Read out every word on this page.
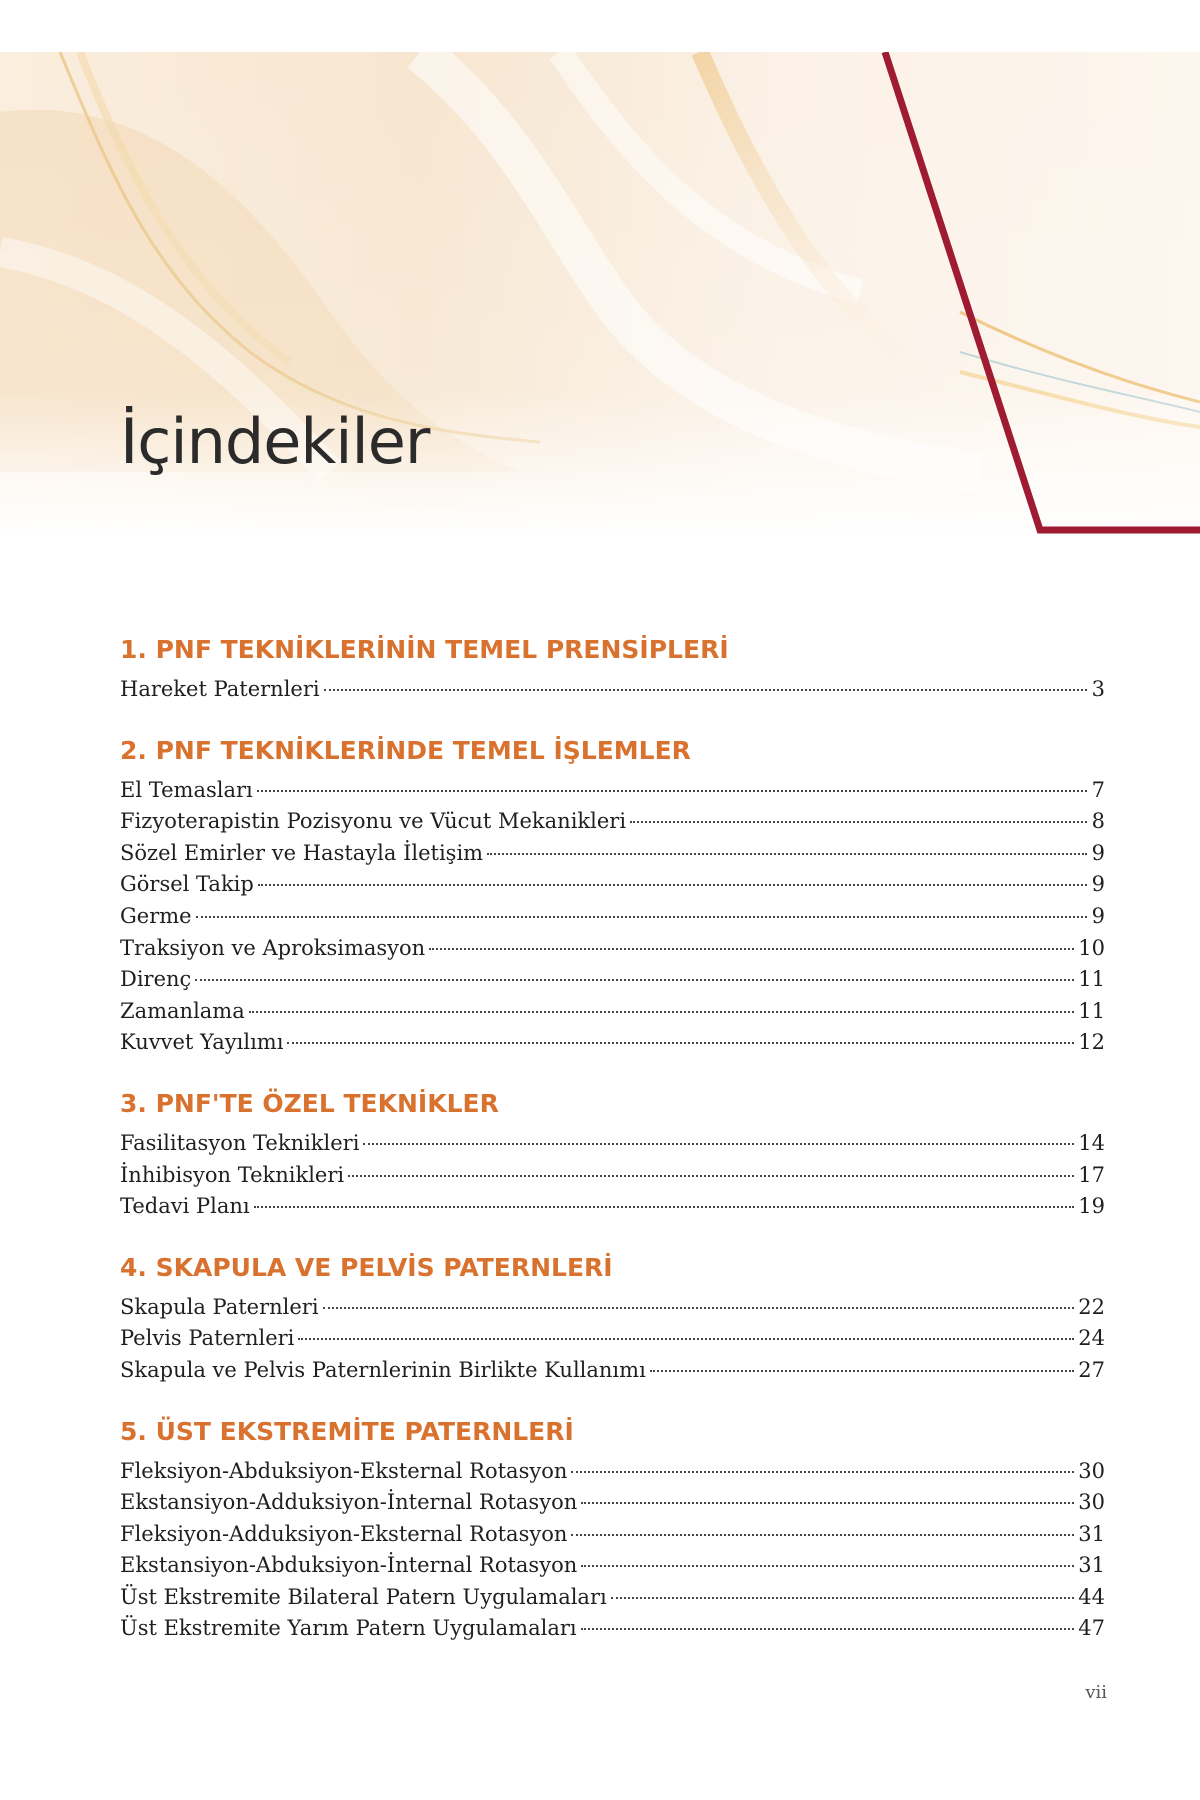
İçindekiler
1. PNF TEKNİKLERİNİN TEMEL PRENSİPLERİ
Hareket Paternleri	3
2. PNF TEKNİKLERİNDE TEMEL İŞLEMLER
El Temasları	7
Fizyoterapistin Pozisyonu ve Vücut Mekanikleri	8
Sözel Emirler ve Hastayla İletişim	9
Görsel Takip	9
Germe	9
Traksiyon ve Aproksimasyon	10
Direnç	11
Zamanlama	11
Kuvvet Yayılımı	12
3. PNF'TE ÖZEL TEKNİKLER
Fasilitasyon Teknikleri	14
İnhibisyon Teknikleri	17
Tedavi Planı	19
4. SKAPULA VE PELVİS PATERNLERİ
Skapula Paternleri	22
Pelvis Paternleri	24
Skapula ve Pelvis Paternlerinin Birlikte Kullanımı	27
5. ÜST EKSTREMİTE PATERNLERİ
Fleksiyon-Abduksiyon-Eksternal Rotasyon	30
Ekstansiyon-Adduksiyon-İnternal Rotasyon	30
Fleksiyon-Adduksiyon-Eksternal Rotasyon	31
Ekstansiyon-Abduksiyon-İnternal Rotasyon	31
Üst Ekstremite Bilateral Patern Uygulamaları	44
Üst Ekstremite Yarım Patern Uygulamaları	47
vii
